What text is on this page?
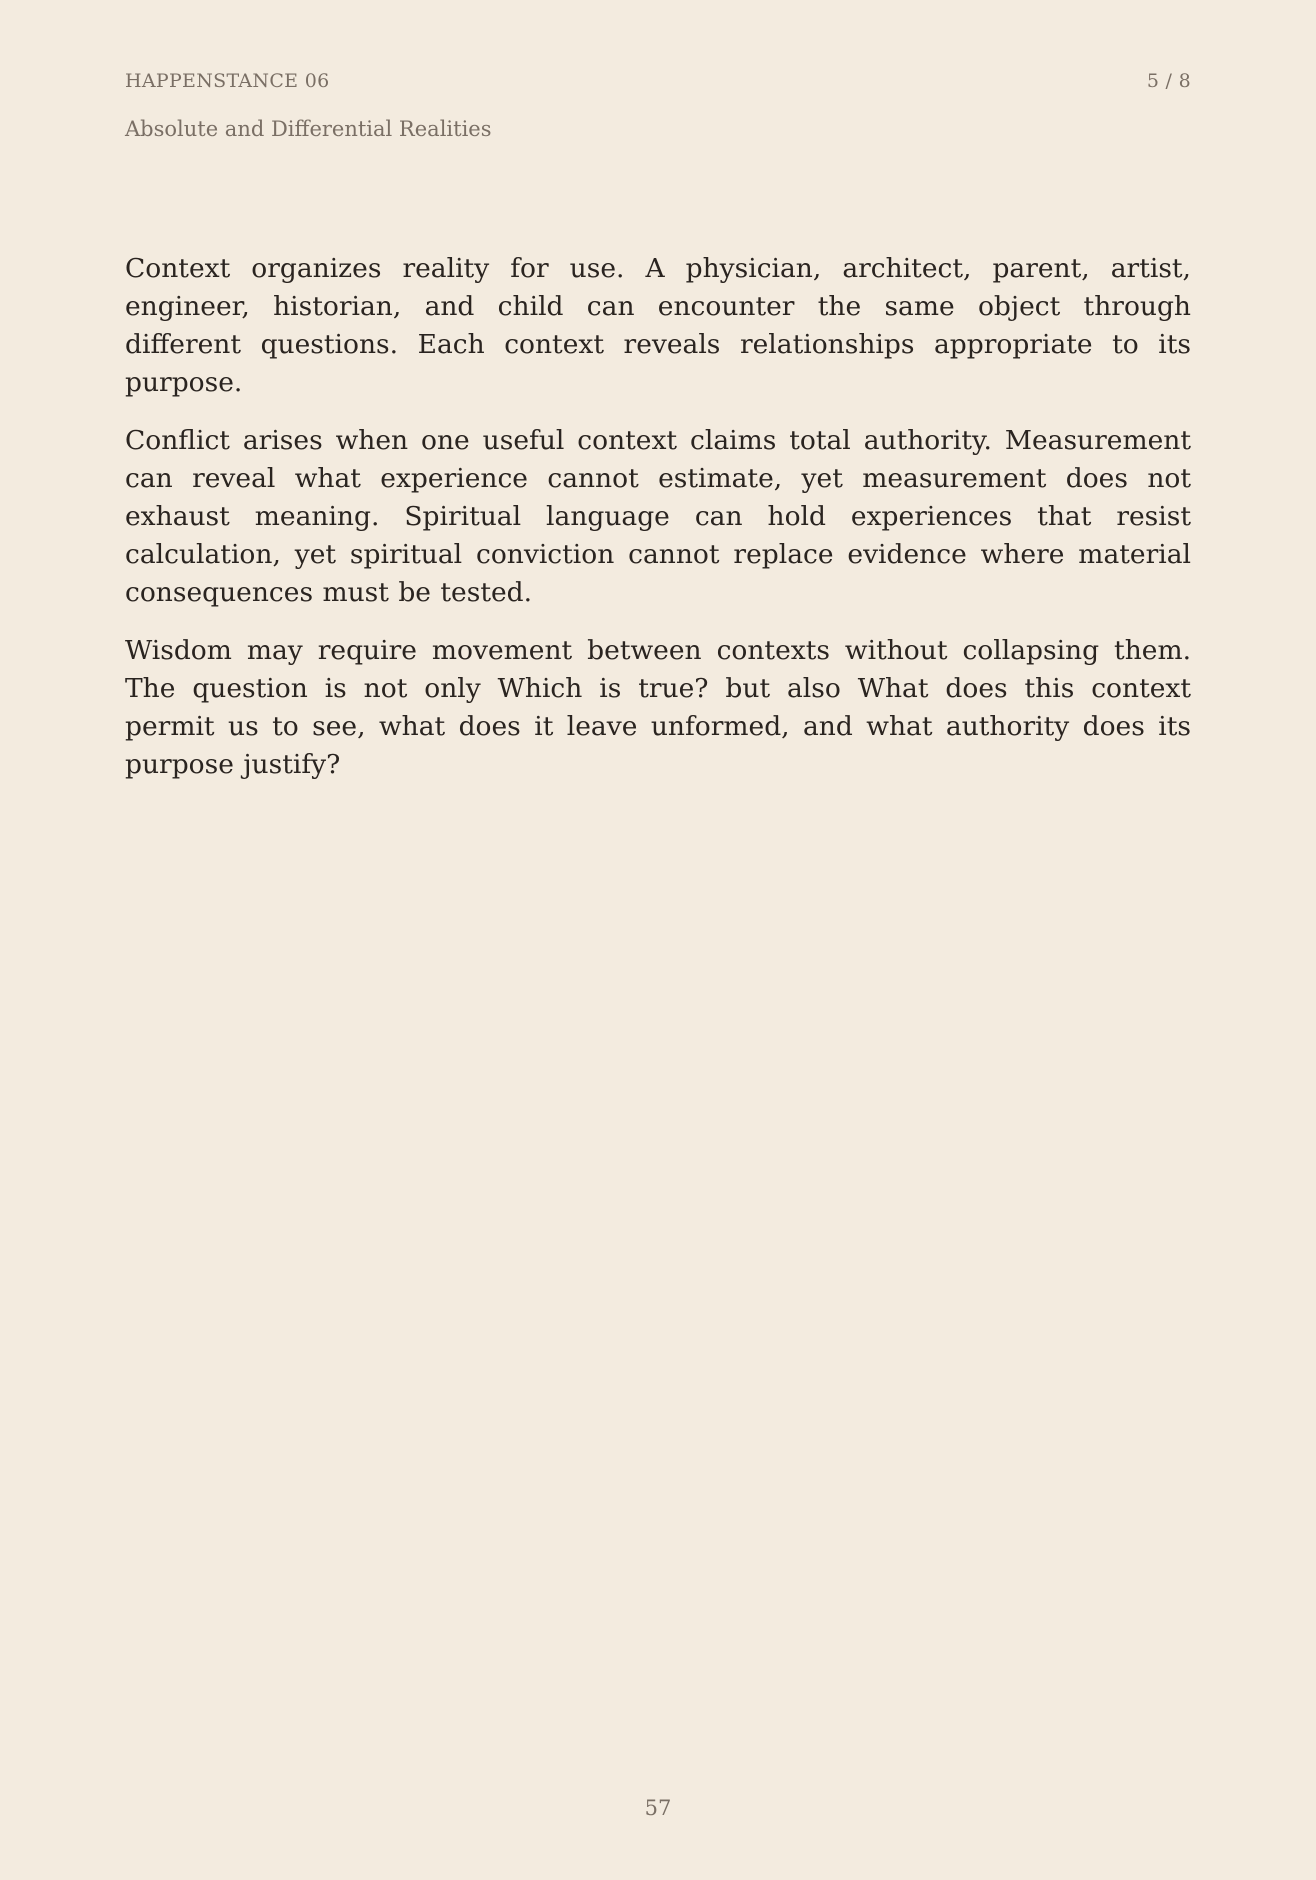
HAPPENSTANCE 06	5 / 8
Absolute and Differential Realities

Context organizes reality for use. A physician, architect, parent, artist, engineer, historian, and child can encounter the same object through different questions. Each context reveals relationships appropriate to its purpose.

Conflict arises when one useful context claims total authority. Measurement can reveal what experience cannot estimate, yet measurement does not exhaust meaning. Spiritual language can hold experiences that resist calculation, yet spiritual conviction cannot replace evidence where material consequences must be tested.

Wisdom may require movement between contexts without collapsing them. The question is not only Which is true? but also What does this context permit us to see, what does it leave unformed, and what authority does its purpose justify?

57
